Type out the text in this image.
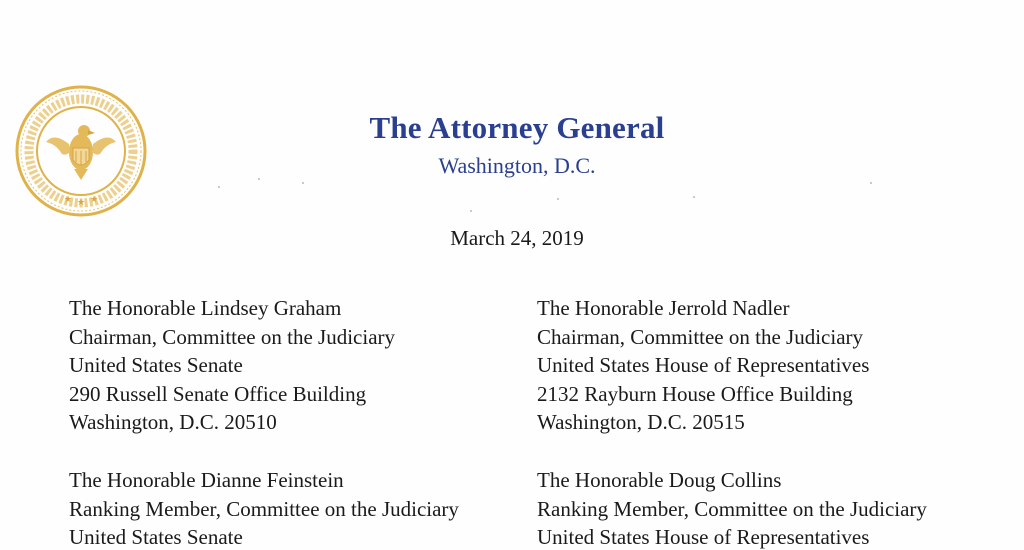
★ ★ ★
The Attorney General
Washington, D.C.
March 24, 2019
The Honorable Lindsey Graham
Chairman, Committee on the Judiciary
United States Senate
290 Russell Senate Office Building
Washington, D.C. 20510
The Honorable Jerrold Nadler
Chairman, Committee on the Judiciary
United States House of Representatives
2132 Rayburn House Office Building
Washington, D.C. 20515
The Honorable Dianne Feinstein
Ranking Member, Committee on the Judiciary
United States Senate
The Honorable Doug Collins
Ranking Member, Committee on the Judiciary
United States House of Representatives
